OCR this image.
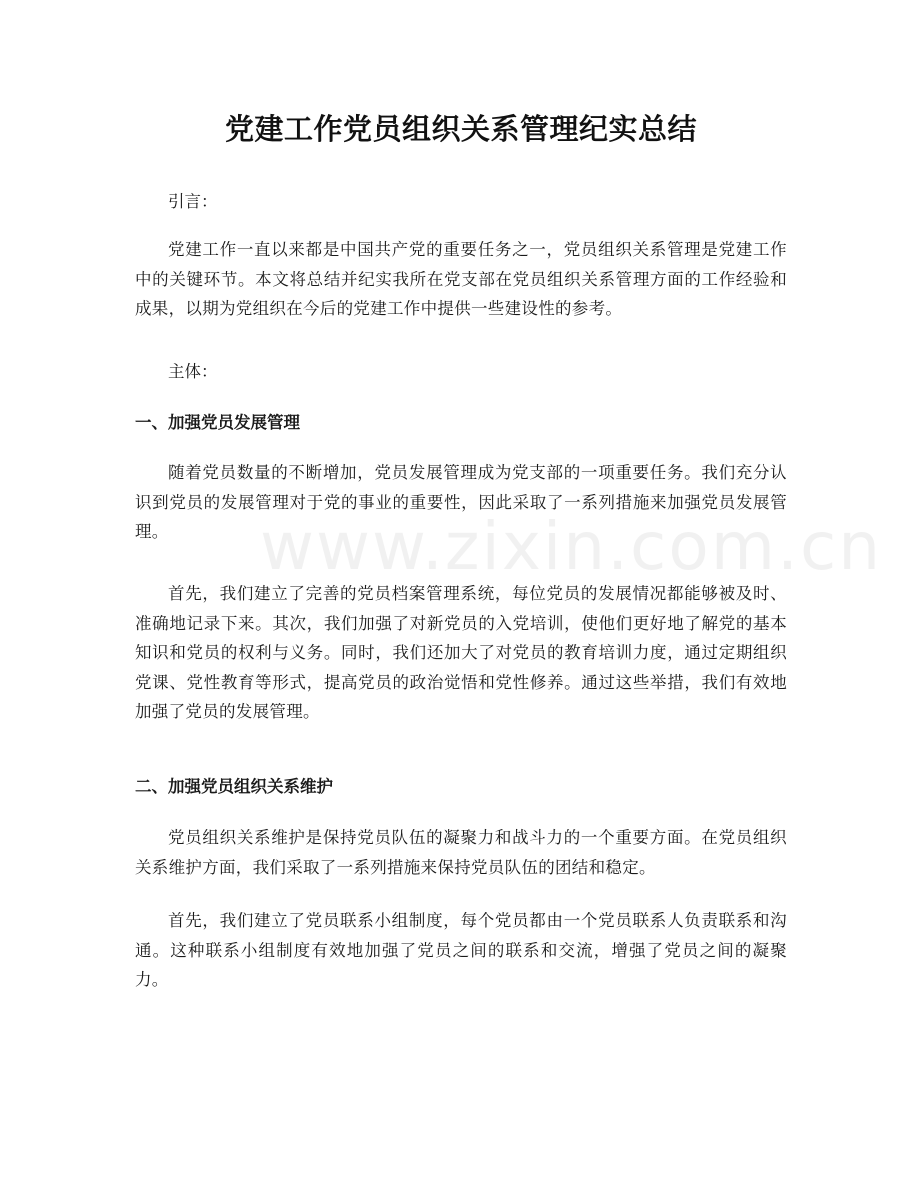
www.zixin.com.cn
党建工作党员组织关系管理纪实总结

引言：

党建工作一直以来都是中国共产党的重要任务之一，党员组织关系管理是党建工作中的关键环节。本文将总结并纪实我所在党支部在党员组织关系管理方面的工作经验和成果，以期为党组织在今后的党建工作中提供一些建设性的参考。

主体：

一、加强党员发展管理

随着党员数量的不断增加，党员发展管理成为党支部的一项重要任务。我们充分认识到党员的发展管理对于党的事业的重要性，因此采取了一系列措施来加强党员发展管理。

首先，我们建立了完善的党员档案管理系统，每位党员的发展情况都能够被及时、准确地记录下来。其次，我们加强了对新党员的入党培训，使他们更好地了解党的基本知识和党员的权利与义务。同时，我们还加大了对党员的教育培训力度，通过定期组织党课、党性教育等形式，提高党员的政治觉悟和党性修养。通过这些举措，我们有效地加强了党员的发展管理。

二、加强党员组织关系维护

党员组织关系维护是保持党员队伍的凝聚力和战斗力的一个重要方面。在党员组织关系维护方面，我们采取了一系列措施来保持党员队伍的团结和稳定。

首先，我们建立了党员联系小组制度，每个党员都由一个党员联系人负责联系和沟通。这种联系小组制度有效地加强了党员之间的联系和交流，增强了党员之间的凝聚力。
